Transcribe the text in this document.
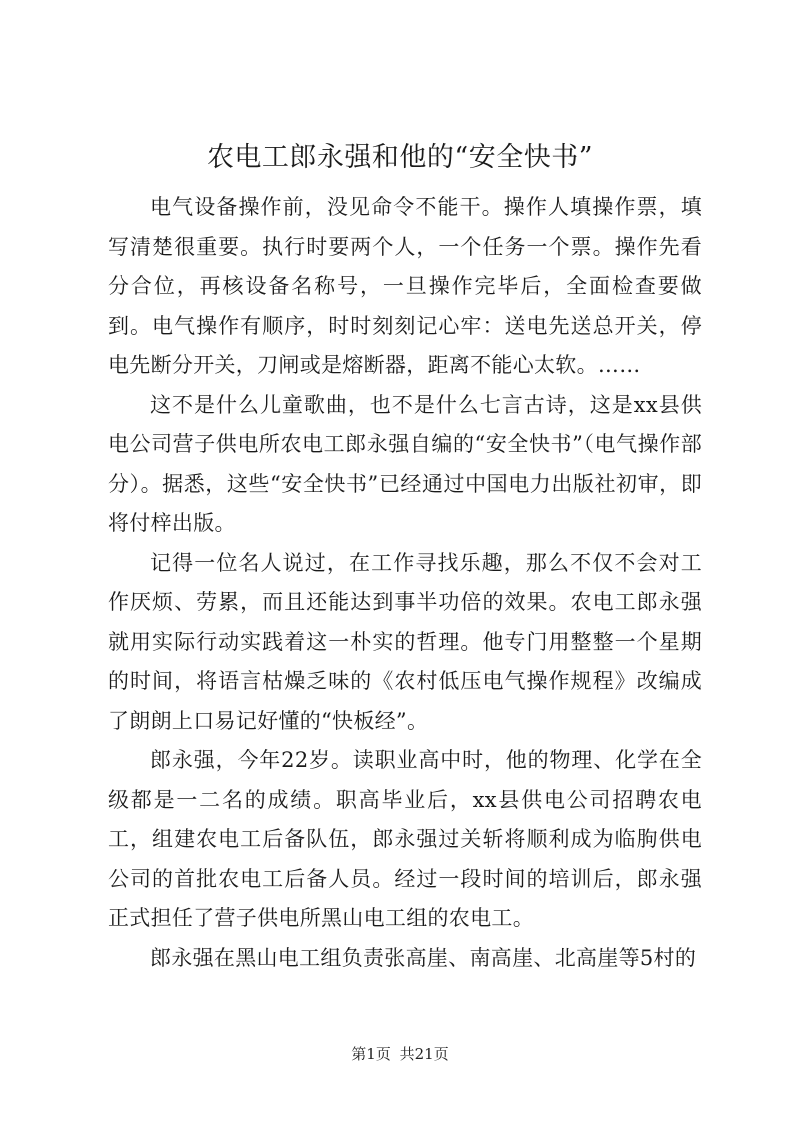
农电工郎永强和他的“安全快书”

电气设备操作前，没见命令不能干。操作人填操作票，填写清楚很重要。执行时要两个人，一个任务一个票。操作先看分合位，再核设备名称号，一旦操作完毕后，全面检查要做到。电气操作有顺序，时时刻刻记心牢：送电先送总开关，停电先断分开关，刀闸或是熔断器，距离不能心太软。……

这不是什么儿童歌曲，也不是什么七言古诗，这是xx县供电公司营子供电所农电工郎永强自编的“安全快书”（电气操作部分）。据悉，这些“安全快书”已经通过中国电力出版社初审，即将付梓出版。

记得一位名人说过，在工作寻找乐趣，那么不仅不会对工作厌烦、劳累，而且还能达到事半功倍的效果。农电工郎永强就用实际行动实践着这一朴实的哲理。他专门用整整一个星期的时间，将语言枯燥乏味的《农村低压电气操作规程》改编成了朗朗上口易记好懂的“快板经”。

郎永强，今年22岁。读职业高中时，他的物理、化学在全级都是一二名的成绩。职高毕业后，xx县供电公司招聘农电工，组建农电工后备队伍，郎永强过关斩将顺利成为临朐供电公司的首批农电工后备人员。经过一段时间的培训后，郎永强正式担任了营子供电所黑山电工组的农电工。

郎永强在黑山电工组负责张高崖、南高崖、北高崖等5村的

第1页 共21页
